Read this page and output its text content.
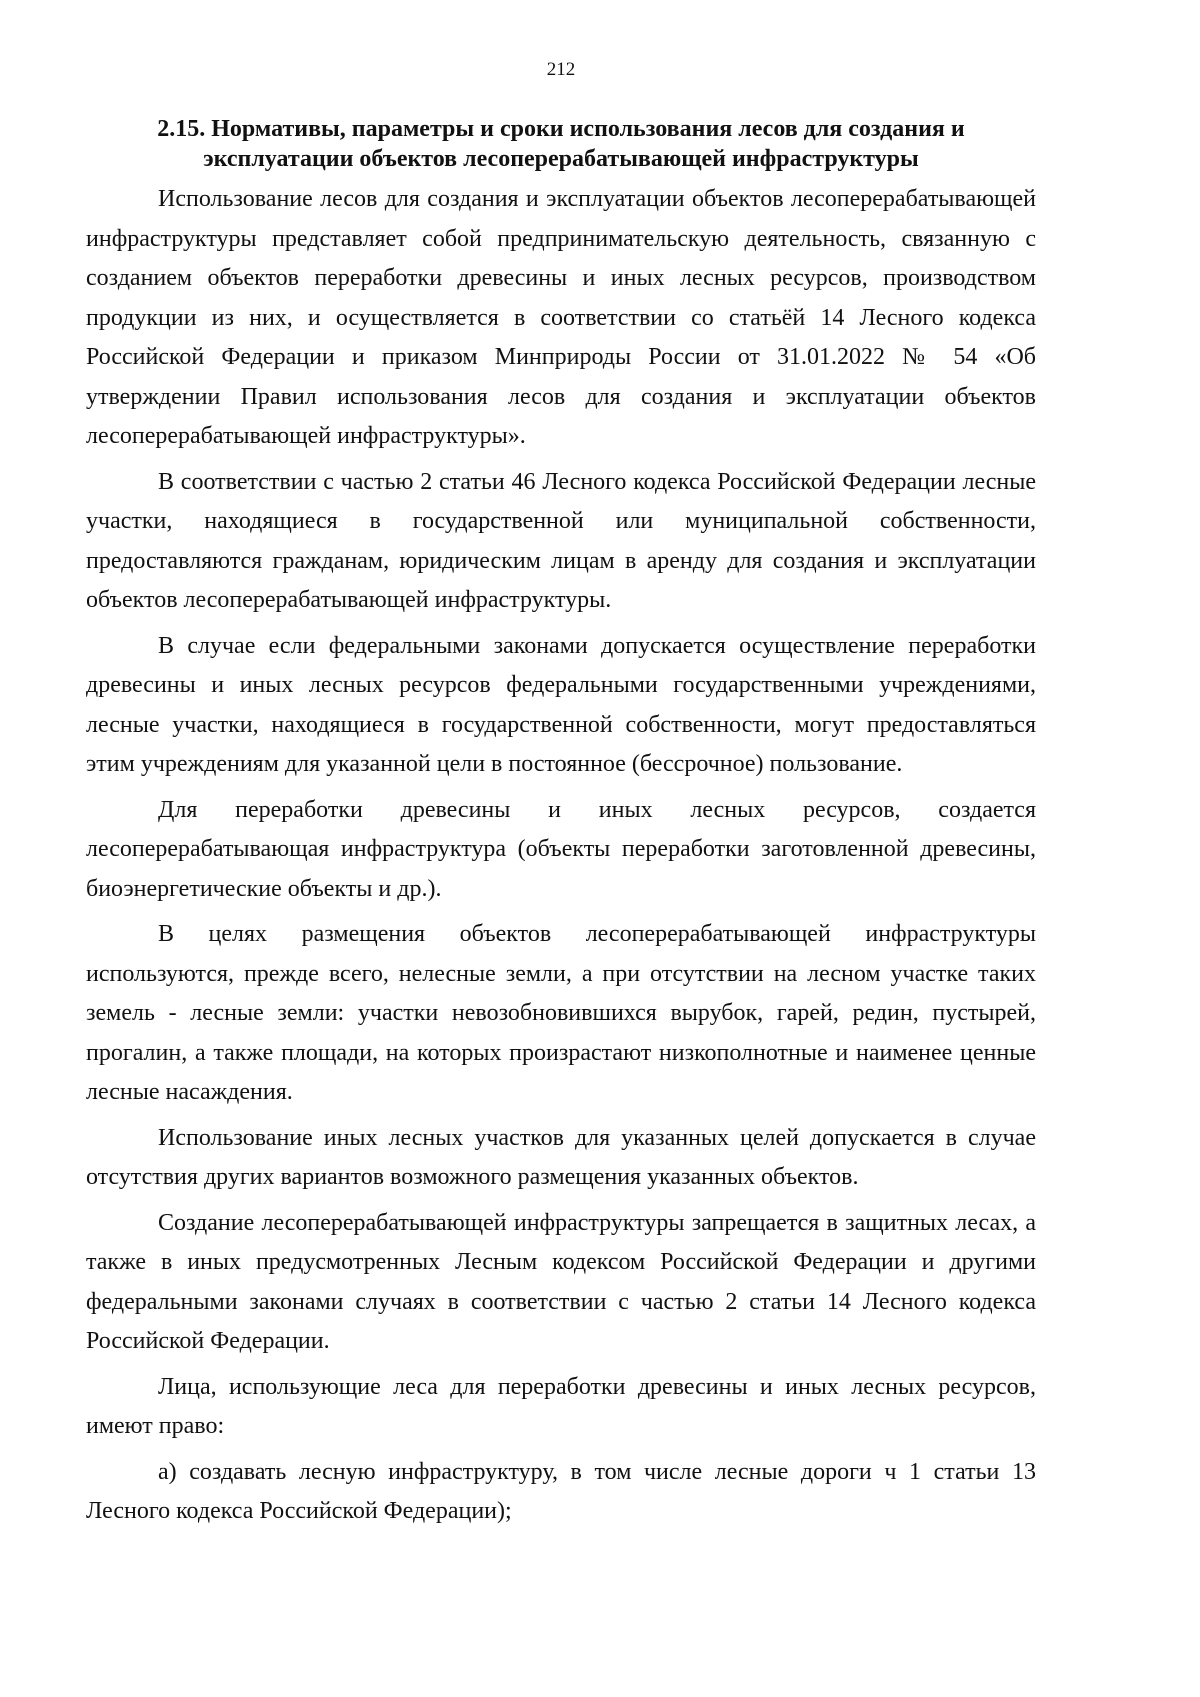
212
2.15. Нормативы, параметры и сроки использования лесов для создания и
эксплуатации объектов лесоперерабатывающей инфраструктуры

Использование лесов для создания и эксплуатации объектов лесоперерабатывающей инфраструктуры представляет собой предпринимательскую деятельность, связанную с созданием объектов переработки древесины и иных лесных ресурсов, производством продукции из них, и осуществляется в соответствии со статьёй 14 Лесного кодекса Российской Федерации и приказом Минприроды России от 31.01.2022 № 54 «Об утверждении Правил использования лесов для создания и эксплуатации объектов лесоперерабатывающей инфраструктуры».

В соответствии с частью 2 статьи 46 Лесного кодекса Российской Федерации лесные участки, находящиеся в государственной или муниципальной собственности, предоставляются гражданам, юридическим лицам в аренду для создания и эксплуатации объектов лесоперерабатывающей инфраструктуры.

В случае если федеральными законами допускается осуществление переработки древесины и иных лесных ресурсов федеральными государственными учреждениями, лесные участки, находящиеся в государственной собственности, могут предоставляться этим учреждениям для указанной цели в постоянное (бессрочное) пользование.

Для переработки древесины и иных лесных ресурсов, создается лесоперерабатывающая инфраструктура (объекты переработки заготовленной древесины, биоэнергетические объекты и др.).

В целях размещения объектов лесоперерабатывающей инфраструктуры используются, прежде всего, нелесные земли, а при отсутствии на лесном участке таких земель - лесные земли: участки невозобновившихся вырубок, гарей, редин, пустырей, прогалин, а также площади, на которых произрастают низкополнотные и наименее ценные лесные насаждения.

Использование иных лесных участков для указанных целей допускается в случае отсутствия других вариантов возможного размещения указанных объектов.

Создание лесоперерабатывающей инфраструктуры запрещается в защитных лесах, а также в иных предусмотренных Лесным кодексом Российской Федерации и другими федеральными законами случаях в соответствии с частью 2 статьи 14 Лесного кодекса Российской Федерации.

Лица, использующие леса для переработки древесины и иных лесных ресурсов, имеют право:

а) создавать лесную инфраструктуру, в том числе лесные дороги ч 1 статьи 13 Лесного кодекса Российской Федерации);
